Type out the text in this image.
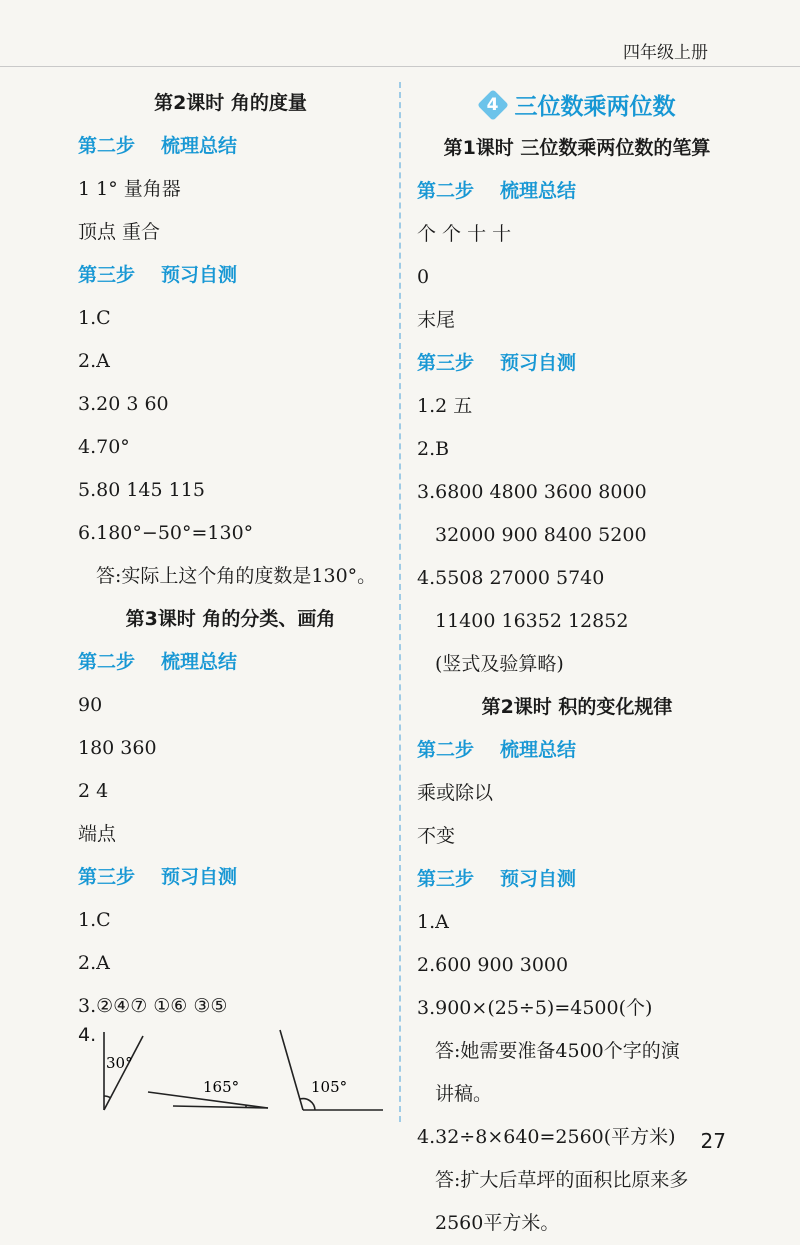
四年级上册
第2课时 角的度量
第二步 梳理总结
1 1° 量角器
顶点 重合
第三步 预习自测
1.C
2.A
3.20 3 60
4.70°
5.80 145 115
6.180°−50°=130°
答:实际上这个角的度数是130°。
第3课时 角的分类、画角
第二步 梳理总结
90
180 360
2 4
端点
第三步 预习自测
1.C
2.A
3.②④⑦ ①⑥ ③⑤
4.
30°
165°	105°
4 三位数乘两位数
第1课时 三位数乘两位数的笔算
第二步 梳理总结
个 个 十 十
0
末尾
第三步 预习自测
1.2 五
2.B
3.6800 4800 3600 8000
32000 900 8400 5200
4.5508 27000 5740
11400 16352 12852
(竖式及验算略)
第2课时 积的变化规律
第二步 梳理总结
乘或除以
不变
第三步 预习自测
1.A
2.600 900 3000
3.900×(25÷5)=4500(个)
答:她需要准备4500个字的演
讲稿。
4.32÷8×640=2560(平方米)
答:扩大后草坪的面积比原来多
2560平方米。
27
